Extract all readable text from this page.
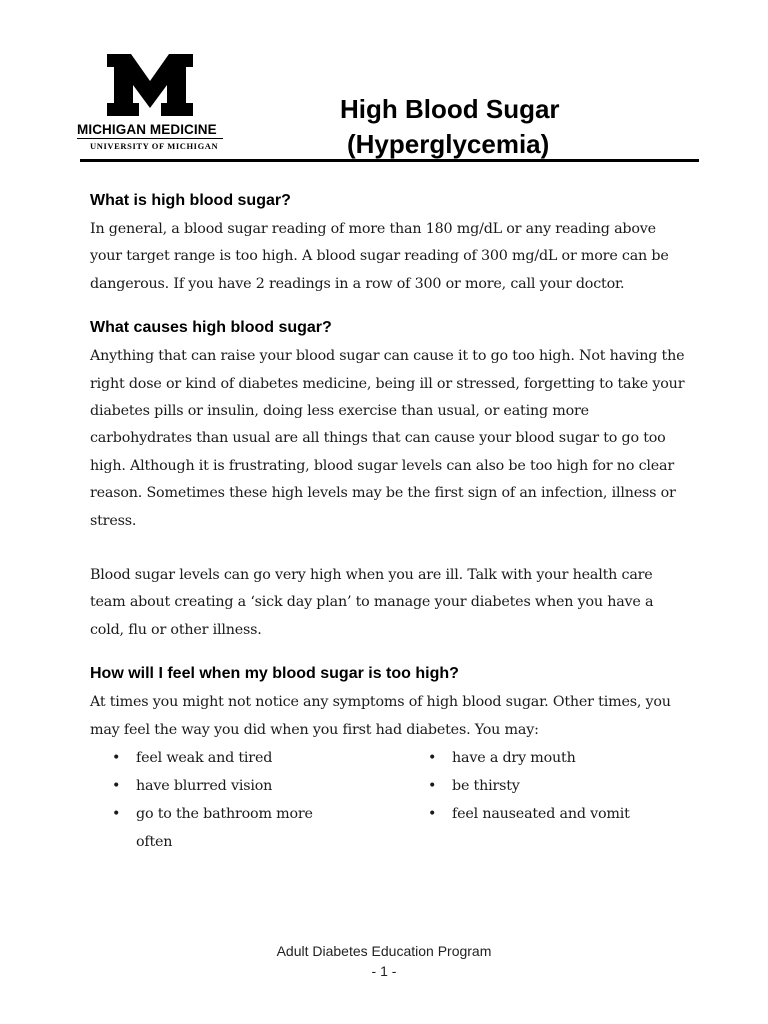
MICHIGAN MEDICINE
UNIVERSITY OF MICHIGAN
High Blood Sugar
(Hyperglycemia)
What is high blood sugar?

In general, a blood sugar reading of more than 180 mg/dL or any reading above your target range is too high. A blood sugar reading of 300 mg/dL or more can be dangerous. If you have 2 readings in a row of 300 or more, call your doctor.

What causes high blood sugar?

Anything that can raise your blood sugar can cause it to go too high. Not having the right dose or kind of diabetes medicine, being ill or stressed, forgetting to take your diabetes pills or insulin, doing less exercise than usual, or eating more carbohydrates than usual are all things that can cause your blood sugar to go too high. Although it is frustrating, blood sugar levels can also be too high for no clear reason. Sometimes these high levels may be the first sign of an infection, illness or stress.

Blood sugar levels can go very high when you are ill. Talk with your health care team about creating a ‘sick day plan’ to manage your diabetes when you have a cold, flu or other illness.

How will I feel when my blood sugar is too high?

At times you might not notice any symptoms of high blood sugar. Other times, you may feel the way you did when you first had diabetes. You may:

•	feel weak and tired
•	have blurred vision
•	go to the bathroom more often
•	have a dry mouth
•	be thirsty
•	feel nauseated and vomit
Adult Diabetes Education Program
- 1 -
